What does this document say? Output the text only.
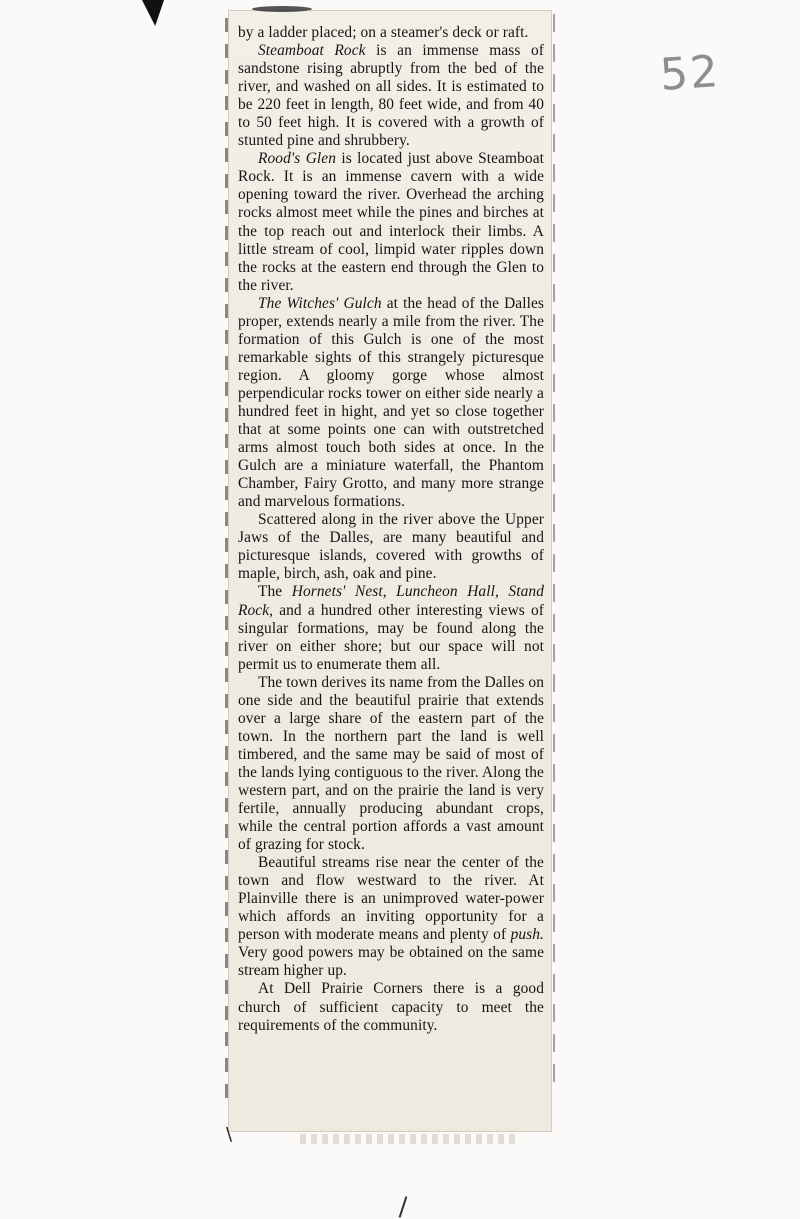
52

by a ladder placed; on a steamer's deck or raft.

Steamboat Rock is an immense mass of sandstone rising abruptly from the bed of the river, and washed on all sides. It is estimated to be 220 feet in length, 80 feet wide, and from 40 to 50 feet high. It is covered with a growth of stunted pine and shrubbery.

Rood's Glen is located just above Steamboat Rock. It is an immense cavern with a wide opening toward the river. Overhead the arching rocks almost meet while the pines and birches at the top reach out and interlock their limbs. A little stream of cool, limpid water ripples down the rocks at the eastern end through the Glen to the river.

The Witches' Gulch at the head of the Dalles proper, extends nearly a mile from the river. The formation of this Gulch is one of the most remarkable sights of this strangely picturesque region. A gloomy gorge whose almost perpendicular rocks tower on either side nearly a hundred feet in hight, and yet so close together that at some points one can with outstretched arms almost touch both sides at once. In the Gulch are a miniature waterfall, the Phantom Chamber, Fairy Grotto, and many more strange and marvelous formations.

Scattered along in the river above the Upper Jaws of the Dalles, are many beautiful and picturesque islands, covered with growths of maple, birch, ash, oak and pine.

The Hornets' Nest, Luncheon Hall, Stand Rock, and a hundred other interesting views of singular formations, may be found along the river on either shore; but our space will not permit us to enumerate them all.

The town derives its name from the Dalles on one side and the beautiful prairie that extends over a large share of the eastern part of the town. In the northern part the land is well timbered, and the same may be said of most of the lands lying contiguous to the river. Along the western part, and on the prairie the land is very fertile, annually producing abundant crops, while the central portion affords a vast amount of grazing for stock.

Beautiful streams rise near the center of the town and flow westward to the river. At Plainville there is an unimproved water-power which affords an inviting opportunity for a person with moderate means and plenty of push. Very good powers may be obtained on the same stream higher up.

At Dell Prairie Corners there is a good church of sufficient capacity to meet the requirements of the community.

\
